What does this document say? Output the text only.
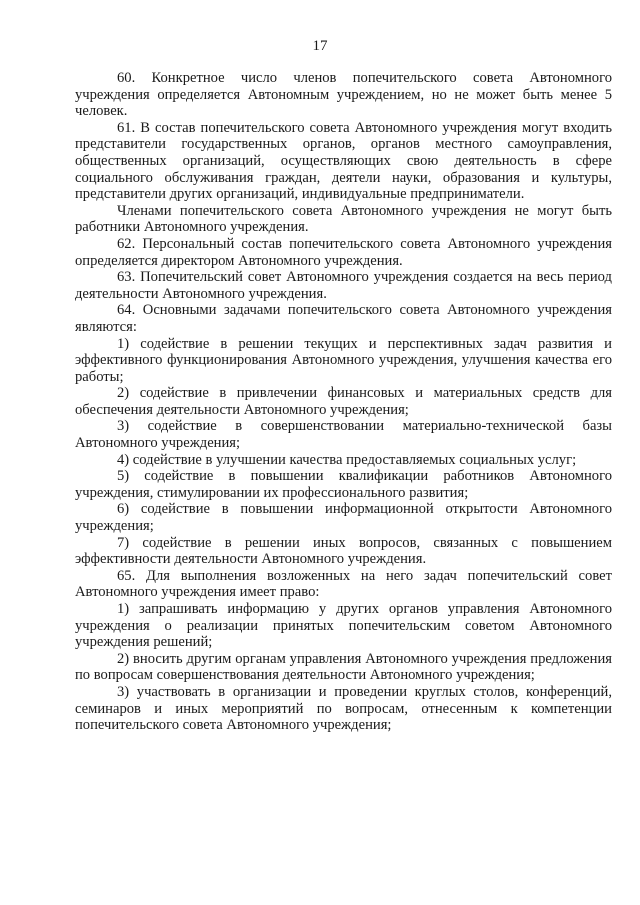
17

60. Конкретное число членов попечительского совета Автономного учреждения определяется Автономным учреждением, но не может быть менее 5 человек.

61. В состав попечительского совета Автономного учреждения могут входить представители государственных органов, органов местного самоуправления, общественных организаций, осуществляющих свою деятельность в сфере социального обслуживания граждан, деятели науки, образования и культуры, представители других организаций, индивидуальные предприниматели.

Членами попечительского совета Автономного учреждения не могут быть работники Автономного учреждения.

62. Персональный состав попечительского совета Автономного учреждения определяется директором Автономного учреждения.

63. Попечительский совет Автономного учреждения создается на весь период деятельности Автономного учреждения.

64. Основными задачами попечительского совета Автономного учреждения являются:

1) содействие в решении текущих и перспективных задач развития и эффективного функционирования Автономного учреждения, улучшения качества его работы;

2) содействие в привлечении финансовых и материальных средств для обеспечения деятельности Автономного учреждения;

3) содействие в совершенствовании материально-технической базы Автономного учреждения;

4) содействие в улучшении качества предоставляемых социальных услуг;

5) содействие в повышении квалификации работников Автономного учреждения, стимулировании их профессионального развития;

6) содействие в повышении информационной открытости Автономного учреждения;

7) содействие в решении иных вопросов, связанных с повышением эффективности деятельности Автономного учреждения.

65. Для выполнения возложенных на него задач попечительский совет Автономного учреждения имеет право:

1) запрашивать информацию у других органов управления Автономного учреждения о реализации принятых попечительским советом Автономного учреждения решений;

2) вносить другим органам управления Автономного учреждения предложения по вопросам совершенствования деятельности Автономного учреждения;

3) участвовать в организации и проведении круглых столов, конференций, семинаров и иных мероприятий по вопросам, отнесенным к компетенции попечительского совета Автономного учреждения;
